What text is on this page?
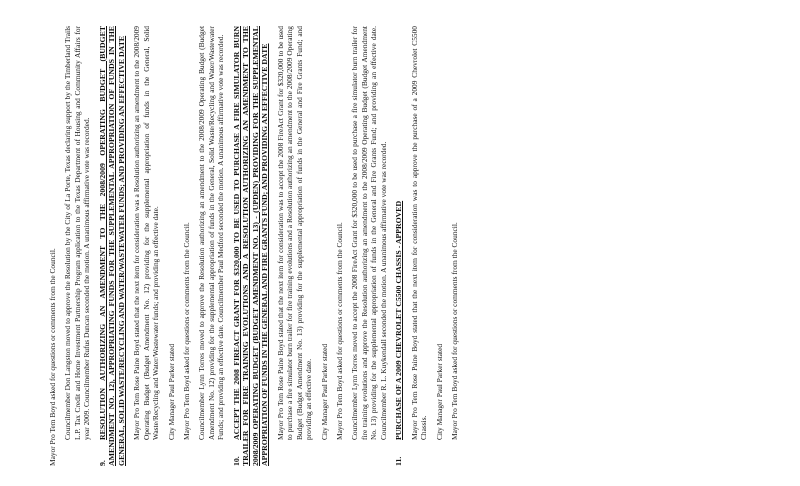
Mayor Pro Tem Boyd asked for questions or comments from the Council. Councilmember Don Langston moved to approve the Resolution by the City of La Porte, Texas declaring support by the Timberland Trails L.P. Tax Credit and Home Investment Partnership Program application to the Texas Department of Housing and Community Affairs for year 2009. Councilmember Rufus Duncan seconded the motion. A unanimous affirmative vote was recorded.

9.RESOLUTION AUTHORIZING AN AMENDMENT TO THE 2008/2009 OPERATING BUDGET (BUDGET AMENDMENT NO. 12), APPROPRIATING FUNDS FOR THE SUPPLEMENTAL APPROPRIATION OF FUNDS IN THE GENERAL, SOLID WASTE/RECYCLING AND WATER/WASTEWATER FUNDS; AND PROVIDING AN EFFECTIVE DATE Mayor Pro Tem Rose Paine Boyd stated that the next item for consideration was a Resolution authorizing an amendment to the 2008/2009 Operating Budget (Budget Amendment No. 12) providing for the supplemental appropriation of funds in the General, Solid Waste/Recycling and Water/Wastewater funds; and providing an effective date. City Manager Paul Parker stated Mayor Pro Tem Boyd asked for questions or comments from the Council. Councilmember Lynn Torres moved to approve the Resolution authorizing an amendment to the 2008/2009 Operating Budget (Budget Amendment No. 12) providing for the supplemental appropriation of funds in the General, Solid Waste/Recycling and Water/Wastewater Funds; and providing an effective date. Councilmember Paul Medford seconded the motion. A unanimous affirmative vote was recorded.

10.ACCEPT THE 2008 FIREACT GRANT FOR $320,000 TO BE USED TO PURCHASE A FIRE SIMULATOR BURN TRAILER FOR FIRE TRAINING EVOLUTIONS AND A RESOLUTION AUTHORIZING AN AMENDMENT TO THE 2008/2009 OPERATING BUDGET (BUDGET AMENDMENT NO. 13) - (UPDEN) PROVIDING FOR THE SUPPLEMENTAL APPROPRIATION OF FUNDS IN THE GENERAL AND FIRE GRANTS FUND; AND PROVIDING AN EFFECTIVE DATE Mayor Pro Tem Rose Paine Boyd stated that the next item for consideration was to accept the 2008 FireAct Grant for $320,000 to be used to purchase a fire simulator burn trailer for fire training evolutions and a Resolution authorizing an amendment to the 2008/2009 Operating Budget (Budget Amendment No. 13) providing for the supplemental appropriation of funds in the General and Fire Grants Fund; and providing an effective date. City Manager Paul Parker stated Mayor Pro Tem Boyd asked for questions or comments from the Council. Councilmember Lynn Torres moved to accept the 2008 FireAct Grant for $320,000 to be used to purchase a fire simulator burn trailer for fire training evolutions and approve the Resolution authorizing an amendment to the 2008/2009 Operating Budget (Budget Amendment No. 13) providing for the supplemental appropriation of funds in the General and Fire Grants Fund; and providing an effective date. Councilmember R. L. Kuykendall seconded the motion. A unanimous affirmative vote was recorded.

11.PURCHASE OF A 2009 CHEVROLET C5500 CHASSIS - APPROVED Mayor Pro Tem Rose Paine Boyd stated that the next item for consideration was to approve the purchase of a 2009 Chevrolet C5500 Chassis. City Manager Paul Parker stated Mayor Pro Tem Boyd asked for questions or comments from the Council.
